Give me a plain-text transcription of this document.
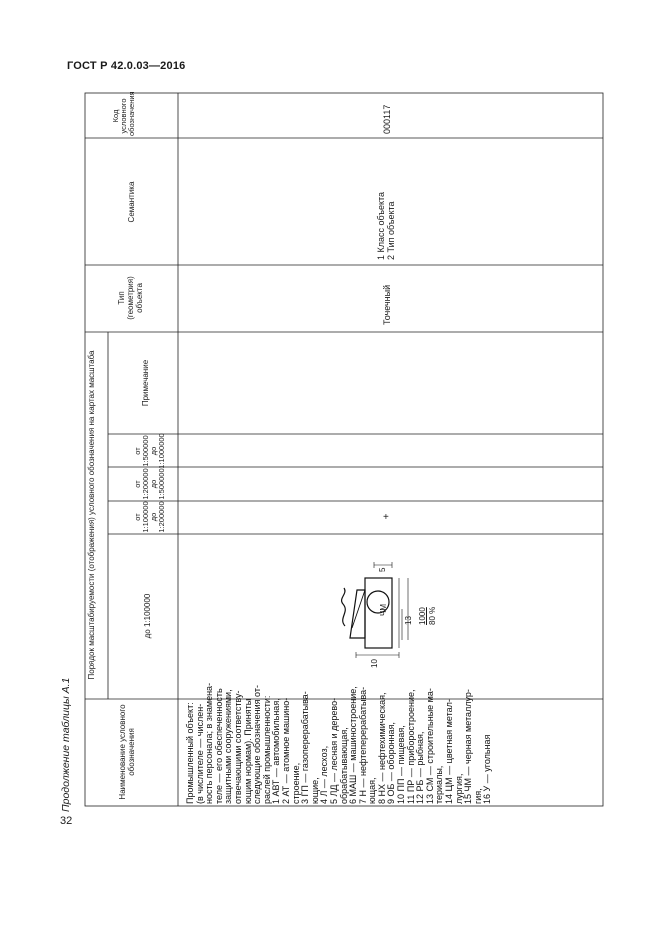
ГОСТ Р 42.0.03—2016
32
Продолжение таблицы А.1	Наименование условного обозначения
Порядок масштабируемости (отображения) условного обозначения на картах масштаба	до 1:100000
от 1:100000 до 1:200000
от 1:200000 до 1:500000
от 1:500000 до 1:1000000
Примечание
Тип (геометрия) объекта
Семантика
Код условного обозначения
Промышленный объект: (в числителе — числен- ность персонала; в знамена- теле — его обеспеченность защитными сооружениями, отвечающими соответству- ющим нормам). Приняты следующие обозначения от- раслей промышленности: 1 АВТ — автомобильная, 2 АТ — атомное машино- строение, 3 ГП — газоперерабатыва- ющие, 4 Л — лесхоз, 5 ЛД — лесная и дерево- обрабатывающая, 6 МАШ — машиностроение, 7 Н — нефтеперерабатыва- ющая, 8 НХ — нефтехимическая, 9 ОБ — оборонная, 10 ПП — пищевая, 11 ПР — приборостроение, 12 РБ — рыбная, 13 СМ — строительные ма- териалы, 14 ЦМ — цветная метал- лургия, 15 ЧМ — черная металлур- гия, 16 У — угольная
ЧМ
13 1000 80 %
10
5
+
Точечный
1 Класс объекта 2 Тип объекта
000117
